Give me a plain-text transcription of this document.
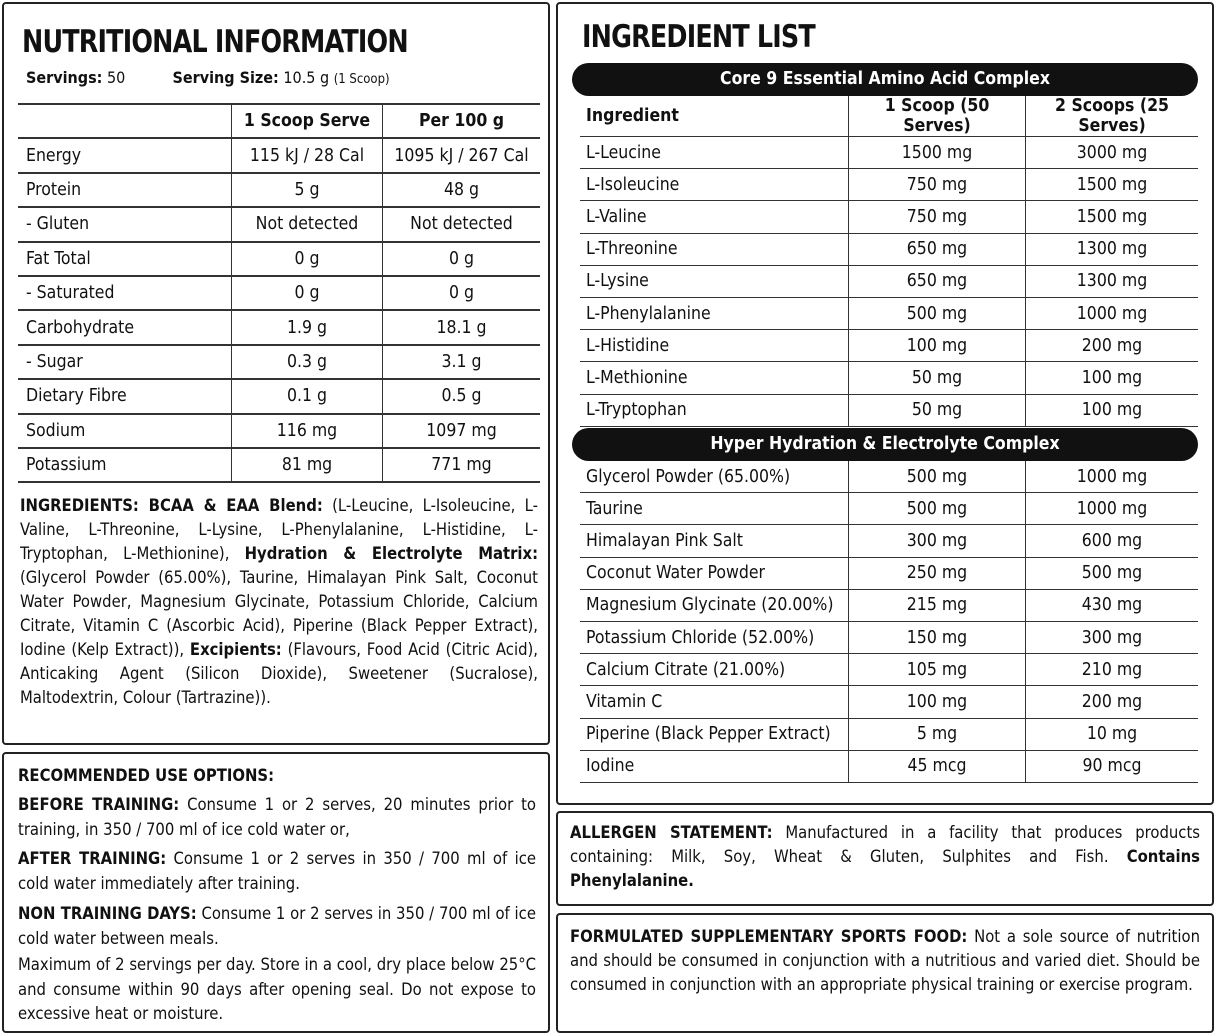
NUTRITIONAL INFORMATION
Servings: 50	Serving Size: 10.5 g (1 Scoop)
	1 Scoop Serve	Per 100 g
Energy	115 kJ / 28 Cal	1095 kJ / 267 Cal
Protein	5 g	48 g
- Gluten	Not detected	Not detected
Fat Total	0 g	0 g
- Saturated	0 g	0 g
Carbohydrate	1.9 g	18.1 g
- Sugar	0.3 g	3.1 g
Dietary Fibre	0.1 g	0.5 g
Sodium	116 mg	1097 mg
Potassium	81 mg	771 mg
INGREDIENTS: BCAA & EAA Blend: (L-Leucine, L-Isoleucine, L-Valine, L-Threonine, L-Lysine, L-Phenylalanine, L-Histidine, L-Tryptophan, L-Methionine), Hydration & Electrolyte Matrix: (Glycerol Powder (65.00%), Taurine, Himalayan Pink Salt, Coconut Water Powder, Magnesium Glycinate, Potassium Chloride, Calcium Citrate, Vitamin C (Ascorbic Acid), Piperine (Black Pepper Extract), Iodine (Kelp Extract)), Excipients: (Flavours, Food Acid (Citric Acid), Anticaking Agent (Silicon Dioxide), Sweetener (Sucralose), Maltodextrin, Colour (Tartrazine)).
RECOMMENDED USE OPTIONS:
BEFORE TRAINING: Consume 1 or 2 serves, 20 minutes prior to training, in 350 / 700 ml of ice cold water or,
AFTER TRAINING: Consume 1 or 2 serves in 350 / 700 ml of ice cold water immediately after training.
NON TRAINING DAYS: Consume 1 or 2 serves in 350 / 700 ml of ice cold water between meals.
Maximum of 2 servings per day. Store in a cool, dry place below 25°C and consume within 90 days after opening seal. Do not expose to excessive heat or moisture.
INGREDIENT LIST
Core 9 Essential Amino Acid Complex
Ingredient	1 Scoop (50 Serves)	2 Scoops (25 Serves)
L-Leucine	1500 mg	3000 mg
L-Isoleucine	750 mg	1500 mg
L-Valine	750 mg	1500 mg
L-Threonine	650 mg	1300 mg
L-Lysine	650 mg	1300 mg
L-Phenylalanine	500 mg	1000 mg
L-Histidine	100 mg	200 mg
L-Methionine	50 mg	100 mg
L-Tryptophan	50 mg	100 mg
Hyper Hydration & Electrolyte Complex
Glycerol Powder (65.00%)	500 mg	1000 mg
Taurine	500 mg	1000 mg
Himalayan Pink Salt	300 mg	600 mg
Coconut Water Powder	250 mg	500 mg
Magnesium Glycinate (20.00%)	215 mg	430 mg
Potassium Chloride (52.00%)	150 mg	300 mg
Calcium Citrate (21.00%)	105 mg	210 mg
Vitamin C	100 mg	200 mg
Piperine (Black Pepper Extract)	5 mg	10 mg
Iodine	45 mcg	90 mcg
ALLERGEN STATEMENT: Manufactured in a facility that produces products containing: Milk, Soy, Wheat & Gluten, Sulphites and Fish. Contains Phenylalanine.
FORMULATED SUPPLEMENTARY SPORTS FOOD: Not a sole source of nutrition and should be consumed in conjunction with a nutritious and varied diet. Should be consumed in conjunction with an appropriate physical training or exercise program.
